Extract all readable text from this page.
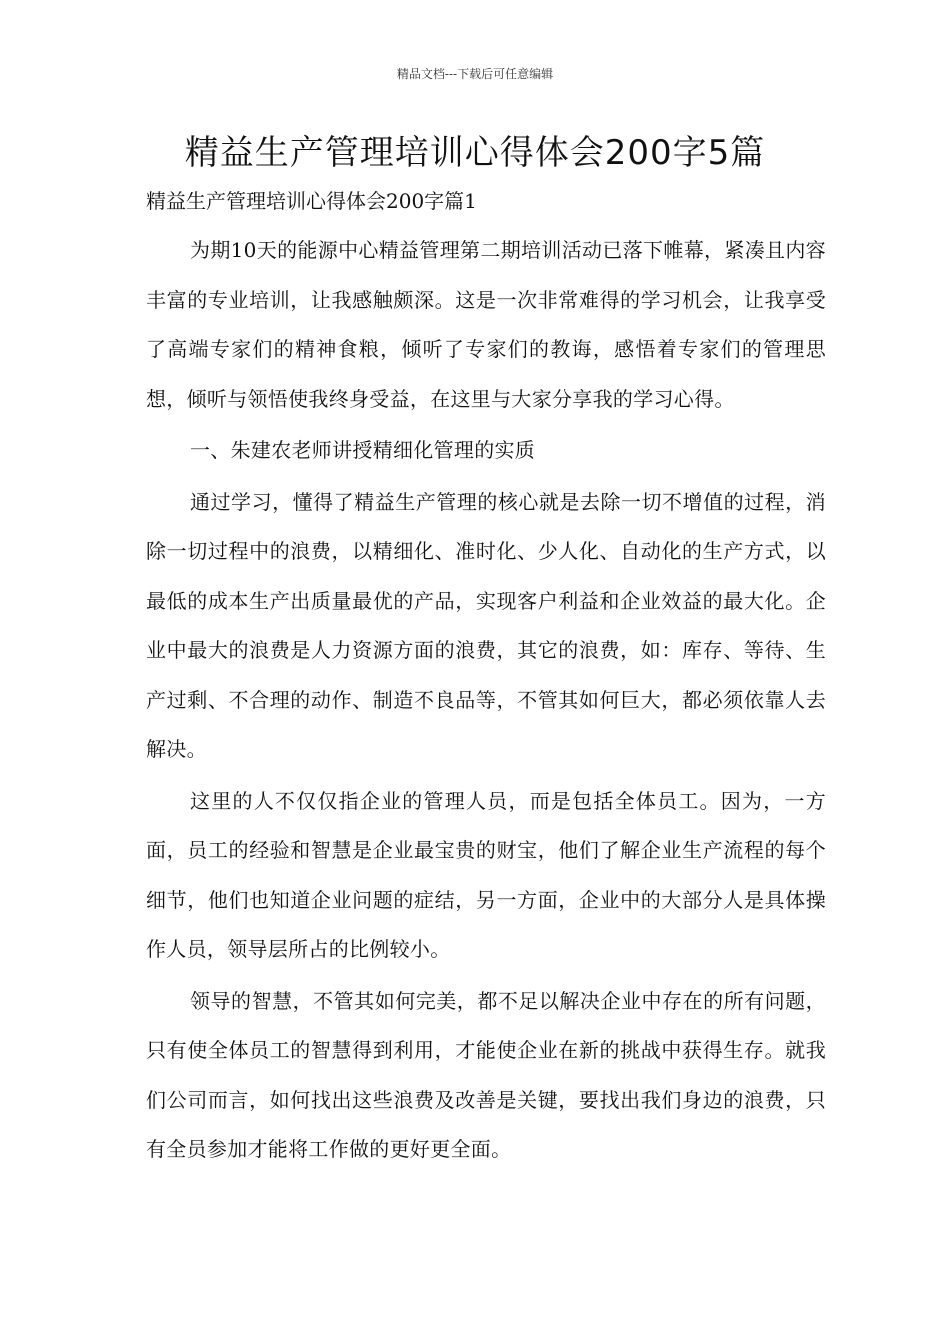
精品文档---下载后可任意编辑
精益生产管理培训心得体会200字5篇

精益生产管理培训心得体会200字篇1

为期10天的能源中心精益管理第二期培训活动已落下帷幕，紧凑且内容丰富的专业培训，让我感触颇深。这是一次非常难得的学习机会，让我享受了高端专家们的精神食粮，倾听了专家们的教诲，感悟着专家们的管理思想，倾听与领悟使我终身受益，在这里与大家分享我的学习心得。

一、朱建农老师讲授精细化管理的实质

通过学习，懂得了精益生产管理的核心就是去除一切不增值的过程，消除一切过程中的浪费，以精细化、准时化、少人化、自动化的生产方式，以最低的成本生产出质量最优的产品，实现客户利益和企业效益的最大化。企业中最大的浪费是人力资源方面的浪费，其它的浪费，如：库存、等待、生产过剩、不合理的动作、制造不良品等，不管其如何巨大，都必须依靠人去解决。

这里的人不仅仅指企业的管理人员，而是包括全体员工。因为，一方面，员工的经验和智慧是企业最宝贵的财宝，他们了解企业生产流程的每个细节，他们也知道企业问题的症结，另一方面，企业中的大部分人是具体操作人员，领导层所占的比例较小。

领导的智慧，不管其如何完美，都不足以解决企业中存在的所有问题，只有使全体员工的智慧得到利用，才能使企业在新的挑战中获得生存。就我们公司而言，如何找出这些浪费及改善是关键，要找出我们身边的浪费，只有全员参加才能将工作做的更好更全面。
